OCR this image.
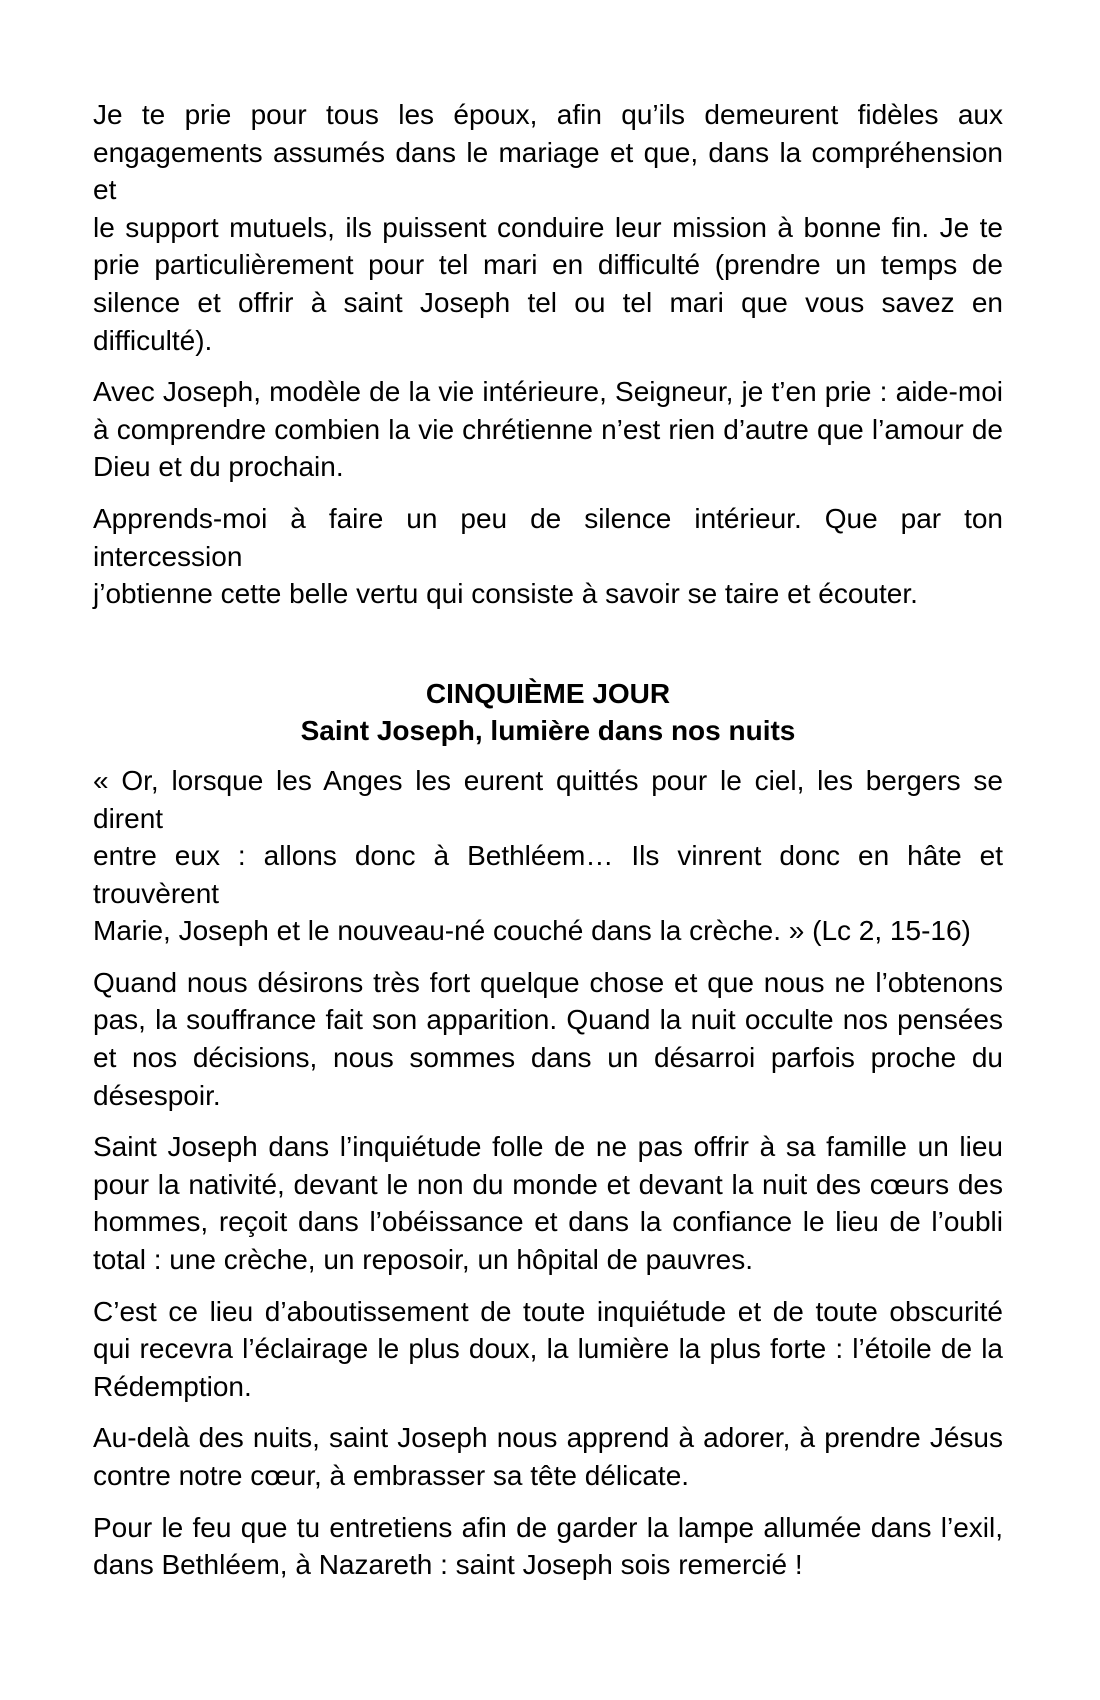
Je te prie pour tous les époux, afin qu’ils demeurent fidèles aux
engagements assumés dans le mariage et que, dans la compréhension et
le support mutuels, ils puissent conduire leur mission à bonne fin. Je te
prie particulièrement pour tel mari en difficulté (prendre un temps de
silence et offrir à saint Joseph tel ou tel mari que vous savez en difficulté).

Avec Joseph, modèle de la vie intérieure, Seigneur, je t’en prie : aide-moi
à comprendre combien la vie chrétienne n’est rien d’autre que l’amour de
Dieu et du prochain.

Apprends-moi à faire un peu de silence intérieur. Que par ton intercession
j’obtienne cette belle vertu qui consiste à savoir se taire et écouter.

CINQUIÈME JOUR
Saint Joseph, lumière dans nos nuits

« Or, lorsque les Anges les eurent quittés pour le ciel, les bergers se dirent
entre eux : allons donc à Bethléem… Ils vinrent donc en hâte et trouvèrent
Marie, Joseph et le nouveau-né couché dans la crèche. » (Lc 2, 15-16)

Quand nous désirons très fort quelque chose et que nous ne l’obtenons
pas, la souffrance fait son apparition. Quand la nuit occulte nos pensées
et nos décisions, nous sommes dans un désarroi parfois proche du
désespoir.

Saint Joseph dans l’inquiétude folle de ne pas offrir à sa famille un lieu
pour la nativité, devant le non du monde et devant la nuit des cœurs des
hommes, reçoit dans l’obéissance et dans la confiance le lieu de l’oubli
total : une crèche, un reposoir, un hôpital de pauvres.

C’est ce lieu d’aboutissement de toute inquiétude et de toute obscurité
qui recevra l’éclairage le plus doux, la lumière la plus forte : l’étoile de la
Rédemption.

Au-delà des nuits, saint Joseph nous apprend à adorer, à prendre Jésus
contre notre cœur, à embrasser sa tête délicate.

Pour le feu que tu entretiens afin de garder la lampe allumée dans l’exil,
dans Bethléem, à Nazareth : saint Joseph sois remercié !
